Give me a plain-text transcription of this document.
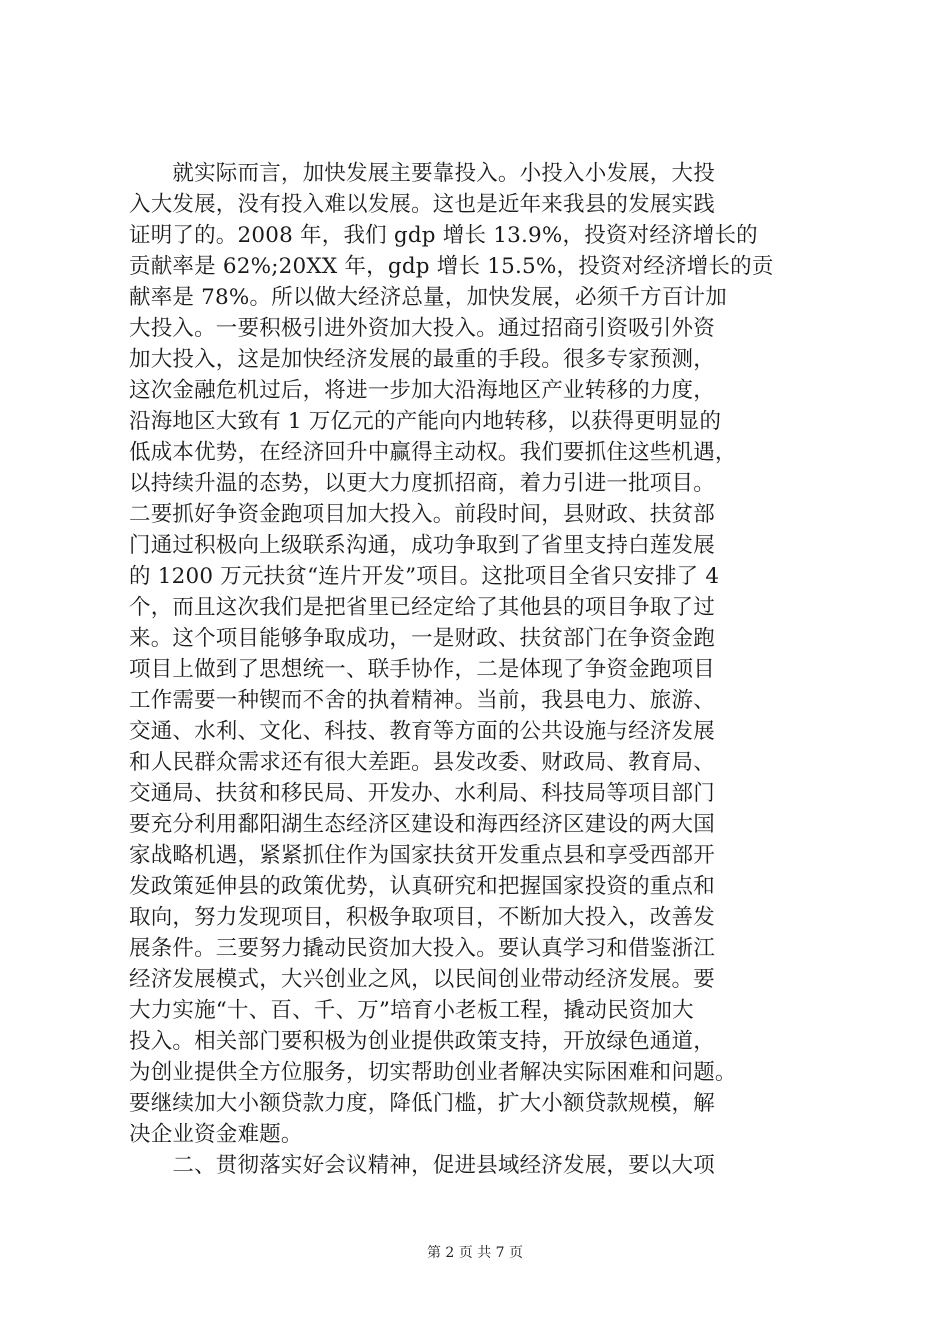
　　就实际而言，加快发展主要靠投入。小投入小发展，大投
入大发展，没有投入难以发展。这也是近年来我县的发展实践
证明了的。2008 年，我们 gdp 增长 13.9%，投资对经济增长的
贡献率是 62%;20XX 年，gdp 增长 15.5%，投资对经济增长的贡
献率是 78%。所以做大经济总量，加快发展，必须千方百计加
大投入。一要积极引进外资加大投入。通过招商引资吸引外资
加大投入，这是加快经济发展的最重的手段。很多专家预测，
这次金融危机过后，将进一步加大沿海地区产业转移的力度，
沿海地区大致有 1 万亿元的产能向内地转移，以获得更明显的
低成本优势，在经济回升中赢得主动权。我们要抓住这些机遇，
以持续升温的态势，以更大力度抓招商，着力引进一批项目。
二要抓好争资金跑项目加大投入。前段时间，县财政、扶贫部
门通过积极向上级联系沟通，成功争取到了省里支持白莲发展
的 1200 万元扶贫“连片开发”项目。这批项目全省只安排了 4
个，而且这次我们是把省里已经定给了其他县的项目争取了过
来。这个项目能够争取成功，一是财政、扶贫部门在争资金跑
项目上做到了思想统一、联手协作，二是体现了争资金跑项目
工作需要一种锲而不舍的执着精神。当前，我县电力、旅游、
交通、水利、文化、科技、教育等方面的公共设施与经济发展
和人民群众需求还有很大差距。县发改委、财政局、教育局、
交通局、扶贫和移民局、开发办、水利局、科技局等项目部门
要充分利用鄱阳湖生态经济区建设和海西经济区建设的两大国
家战略机遇，紧紧抓住作为国家扶贫开发重点县和享受西部开
发政策延伸县的政策优势，认真研究和把握国家投资的重点和
取向，努力发现项目，积极争取项目，不断加大投入，改善发
展条件。三要努力撬动民资加大投入。要认真学习和借鉴浙江
经济发展模式，大兴创业之风，以民间创业带动经济发展。要
大力实施“十、百、千、万”培育小老板工程，撬动民资加大
投入。相关部门要积极为创业提供政策支持，开放绿色通道，
为创业提供全方位服务，切实帮助创业者解决实际困难和问题。
要继续加大小额贷款力度，降低门槛，扩大小额贷款规模，解
决企业资金难题。
　　二、贯彻落实好会议精神，促进县域经济发展，要以大项
第 2 页 共 7 页
